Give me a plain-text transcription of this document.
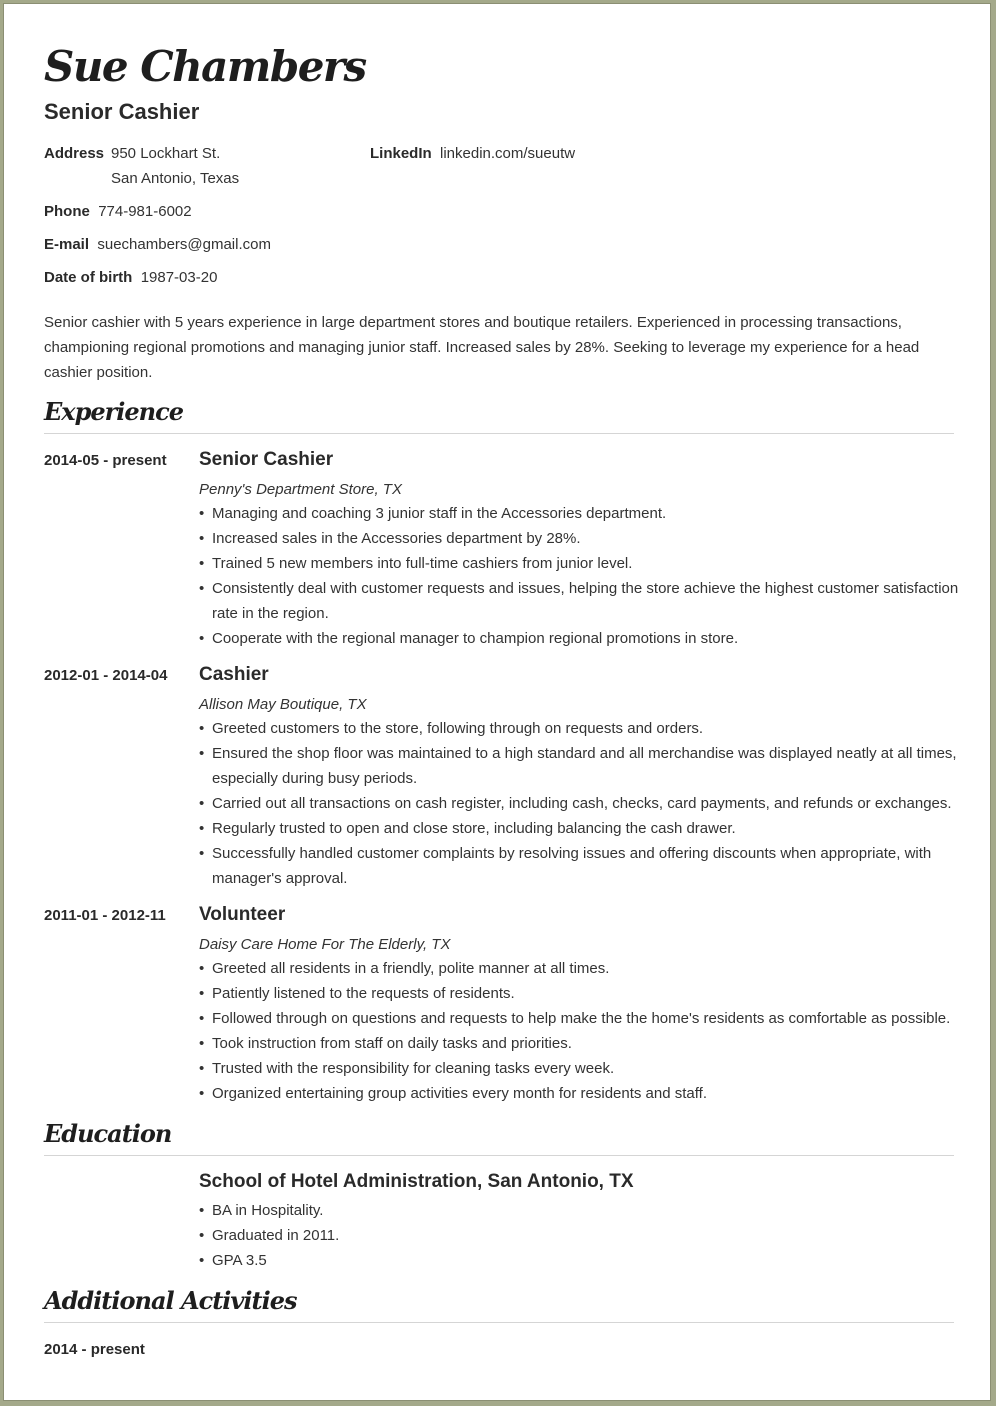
Sue Chambers
Senior Cashier
Address 950 Lockhart St.
San Antonio, Texas
LinkedIn linkedin.com/sueutw
Phone 774-981-6002
E-mail suechambers@gmail.com
Date of birth 1987-03-20

Senior cashier with 5 years experience in large department stores and boutique retailers. Experienced in processing transactions, championing regional promotions and managing junior staff. Increased sales by 28%. Seeking to leverage my experience for a head cashier position.

Experience
2014-05 - present Senior Cashier
Penny's Department Store, TX
• Managing and coaching 3 junior staff in the Accessories department.
• Increased sales in the Accessories department by 28%.
• Trained 5 new members into full-time cashiers from junior level.
• Consistently deal with customer requests and issues, helping the store achieve the highest customer satisfaction rate in the region.
• Cooperate with the regional manager to champion regional promotions in store.
2012-01 - 2014-04 Cashier
Allison May Boutique, TX
• Greeted customers to the store, following through on requests and orders.
• Ensured the shop floor was maintained to a high standard and all merchandise was displayed neatly at all times, especially during busy periods.
• Carried out all transactions on cash register, including cash, checks, card payments, and refunds or exchanges.
• Regularly trusted to open and close store, including balancing the cash drawer.
• Successfully handled customer complaints by resolving issues and offering discounts when appropriate, with manager's approval.
2011-01 - 2012-11 Volunteer
Daisy Care Home For The Elderly, TX
• Greeted all residents in a friendly, polite manner at all times.
• Patiently listened to the requests of residents.
• Followed through on questions and requests to help make the the home's residents as comfortable as possible.
• Took instruction from staff on daily tasks and priorities.
• Trusted with the responsibility for cleaning tasks every week.
• Organized entertaining group activities every month for residents and staff.
Education
School of Hotel Administration, San Antonio, TX
• BA in Hospitality.
• Graduated in 2011.
• GPA 3.5
Additional Activities
2014 - present
